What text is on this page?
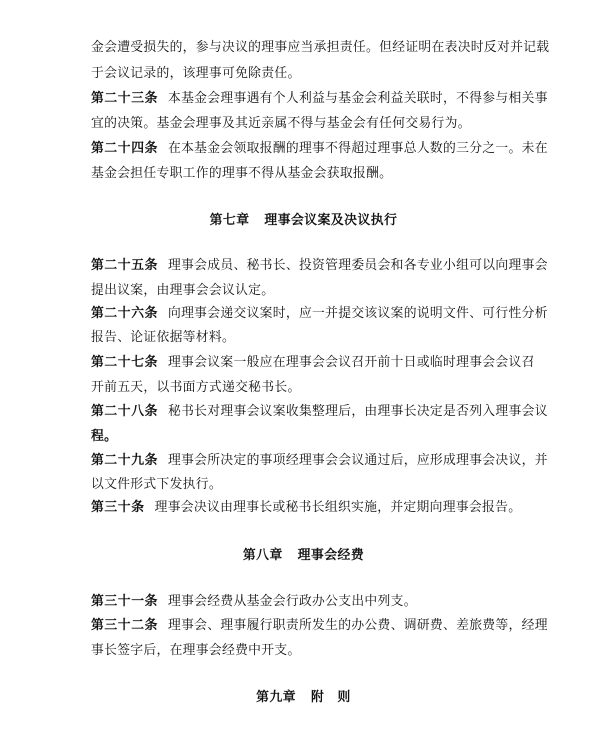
金会遭受损失的，参与决议的理事应当承担责任。但经证明在表决时反对并记载
于会议记录的，该理事可免除责任。
第二十三条 本基金会理事遇有个人利益与基金会利益关联时，不得参与相关事
宜的决策。基金会理事及其近亲属不得与基金会有任何交易行为。
第二十四条 在本基金会领取报酬的理事不得超过理事总人数的三分之一。未在
基金会担任专职工作的理事不得从基金会获取报酬。
第七章 理事会议案及决议执行
第二十五条 理事会成员、秘书长、投资管理委员会和各专业小组可以向理事会
提出议案，由理事会会议认定。
第二十六条 向理事会递交议案时，应一并提交该议案的说明文件、可行性分析
报告、论证依据等材料。
第二十七条 理事会议案一般应在理事会会议召开前十日或临时理事会会议召
开前五天，以书面方式递交秘书长。
第二十八条 秘书长对理事会议案收集整理后，由理事长决定是否列入理事会议
程。
第二十九条 理事会所决定的事项经理事会会议通过后，应形成理事会决议，并
以文件形式下发执行。
第三十条 理事会决议由理事长或秘书长组织实施，并定期向理事会报告。
第八章 理事会经费
第三十一条 理事会经费从基金会行政办公支出中列支。
第三十二条 理事会、理事履行职责所发生的办公费、调研费、差旅费等，经理
事长签字后，在理事会经费中开支。
第九章 附　则
